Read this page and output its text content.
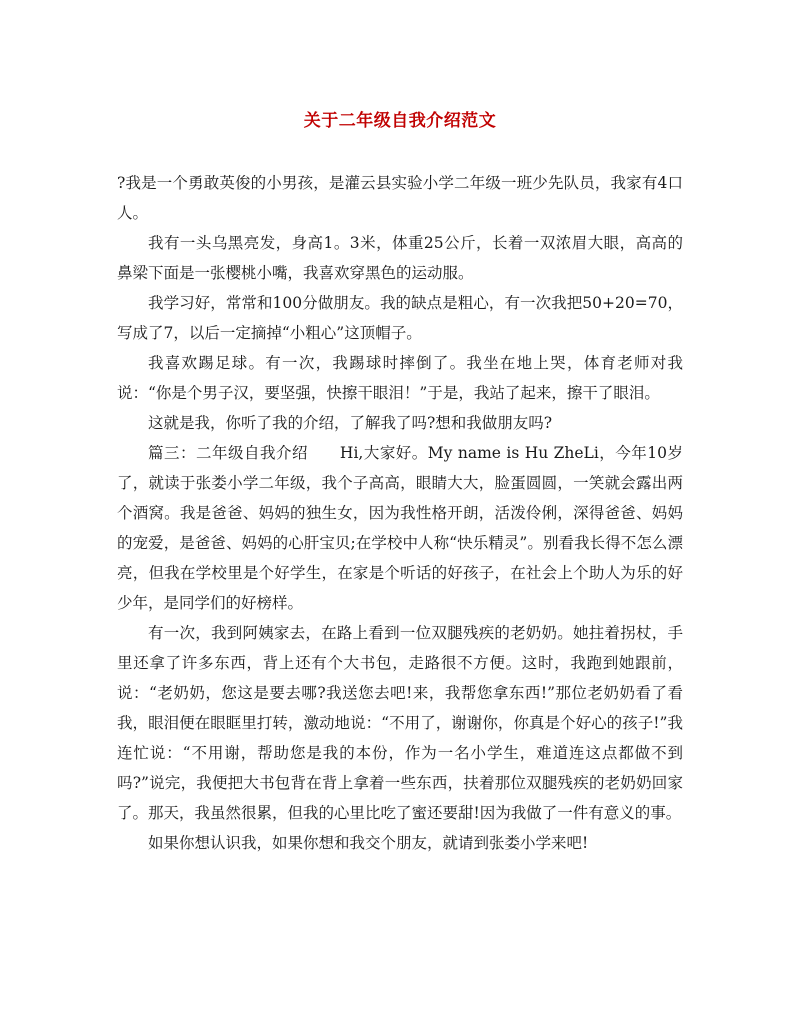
关于二年级自我介绍范文

?我是一个勇敢英俊的小男孩，是灌云县实验小学二年级一班少先队员，我家有4口人。

我有一头乌黑亮发，身高1。3米，体重25公斤，长着一双浓眉大眼，高高的鼻梁下面是一张樱桃小嘴，我喜欢穿黑色的运动服。

我学习好，常常和100分做朋友。我的缺点是粗心，有一次我把50+20=70，写成了7，以后一定摘掉“小粗心”这顶帽子。

我喜欢踢足球。有一次，我踢球时摔倒了。我坐在地上哭，体育老师对我说：“你是个男子汉，要坚强，快擦干眼泪！”于是，我站了起来，擦干了眼泪。

这就是我，你听了我的介绍，了解我了吗?想和我做朋友吗?

篇三：二年级自我介绍　　Hi,大家好。My name is Hu ZheLi，今年10岁了，就读于张娄小学二年级，我个子高高，眼睛大大，脸蛋圆圆，一笑就会露出两个酒窝。我是爸爸、妈妈的独生女，因为我性格开朗，活泼伶俐，深得爸爸、妈妈的宠爱，是爸爸、妈妈的心肝宝贝;在学校中人称“快乐精灵”。别看我长得不怎么漂亮，但我在学校里是个好学生，在家是个听话的好孩子，在社会上个助人为乐的好少年，是同学们的好榜样。

有一次，我到阿姨家去，在路上看到一位双腿残疾的老奶奶。她拄着拐杖，手里还拿了许多东西，背上还有个大书包，走路很不方便。这时，我跑到她跟前，说：“老奶奶，您这是要去哪?我送您去吧!来，我帮您拿东西!”那位老奶奶看了看我，眼泪便在眼眶里打转，激动地说：“不用了，谢谢你，你真是个好心的孩子!”我连忙说：“不用谢，帮助您是我的本份，作为一名小学生，难道连这点都做不到吗?”说完，我便把大书包背在背上拿着一些东西，扶着那位双腿残疾的老奶奶回家了。那天，我虽然很累，但我的心里比吃了蜜还要甜!因为我做了一件有意义的事。

如果你想认识我，如果你想和我交个朋友，就请到张娄小学来吧!
